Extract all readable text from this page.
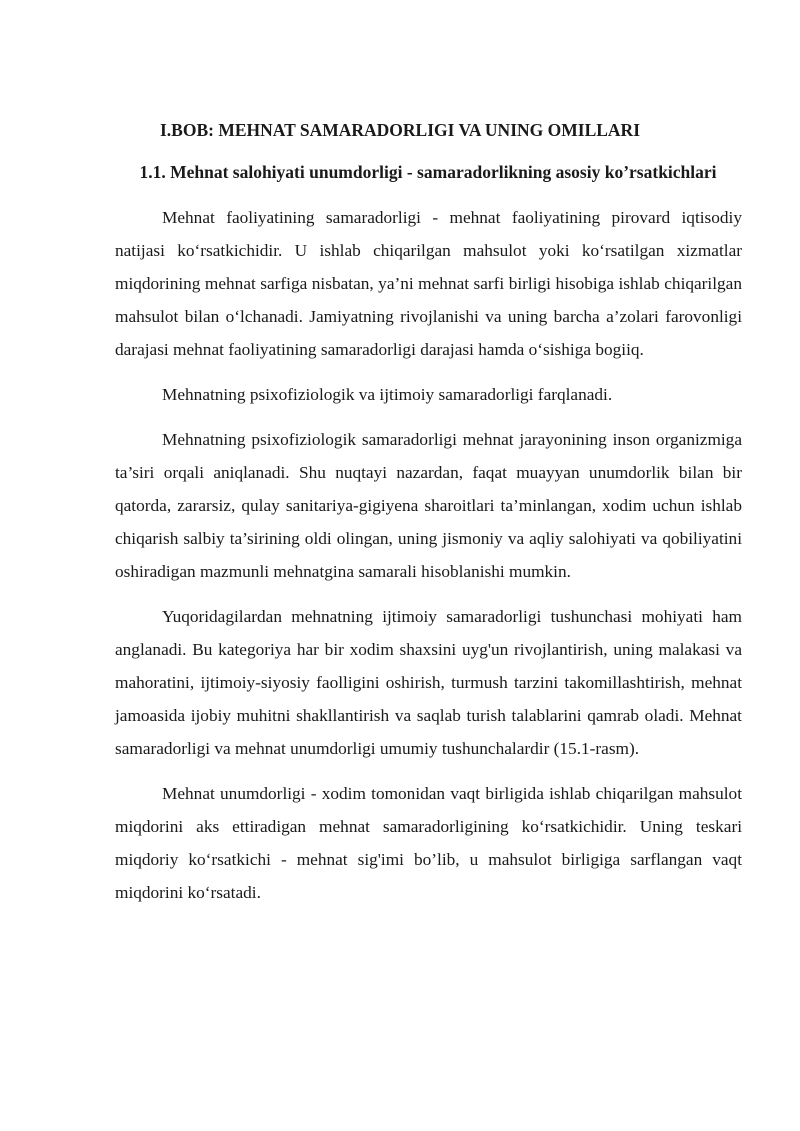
I.BOB: MEHNAT SAMARADORLIGI VA UNING OMILLARI
1.1. Mehnat salohiyati unumdorligi - samaradorlikning asosiy ko’rsatkichlari

Mehnat faoliyatining samaradorligi - mehnat faoliyatining pirovard iqtisodiy natijasi ko‘rsatkichidir. U ishlab chiqarilgan mahsulot yoki ko‘rsatilgan xizmatlar miqdorining mehnat sarfiga nisbatan, ya’ni mehnat sarfi birligi hisobiga ishlab chiqarilgan mahsulot bilan o‘lchanadi. Jamiyatning rivojlanishi va uning barcha a’zolari farovonligi darajasi mehnat faoliyatining samaradorligi darajasi hamda o‘sishiga bogiiq.

Mehnatning psixofiziologik va ijtimoiy samaradorligi farqlanadi.

Mehnatning psixofiziologik samaradorligi mehnat jarayonining inson organizmiga ta’siri orqali aniqlanadi. Shu nuqtayi nazardan, faqat muayyan unumdorlik bilan bir qatorda, zararsiz, qulay sanitariya-gigiyena sharoitlari ta’minlangan, xodim uchun ishlab chiqarish salbiy ta’sirining oldi olingan, uning jismoniy va aqliy salohiyati va qobiliyatini oshiradigan mazmunli mehnatgina samarali hisoblanishi mumkin.

Yuqoridagilardan mehnatning ijtimoiy samaradorligi tushunchasi mohiyati ham anglanadi. Bu kategoriya har bir xodim shaxsini uyg'un rivojlantirish, uning malakasi va mahoratini, ijtimoiy-siyosiy faolligini oshirish, turmush tarzini takomillashtirish, mehnat jamoasida ijobiy muhitni shakllantirish va saqlab turish talablarini qamrab oladi. Mehnat samaradorligi va mehnat unumdorligi umumiy tushunchalardir (15.1-rasm).

Mehnat unumdorligi - xodim tomonidan vaqt birligida ishlab chiqarilgan mahsulot miqdorini aks ettiradigan mehnat samaradorligining ko‘rsatkichidir. Uning teskari miqdoriy ko‘rsatkichi - mehnat sig'imi bo’lib, u mahsulot birligiga sarflangan vaqt miqdorini ko‘rsatadi.
